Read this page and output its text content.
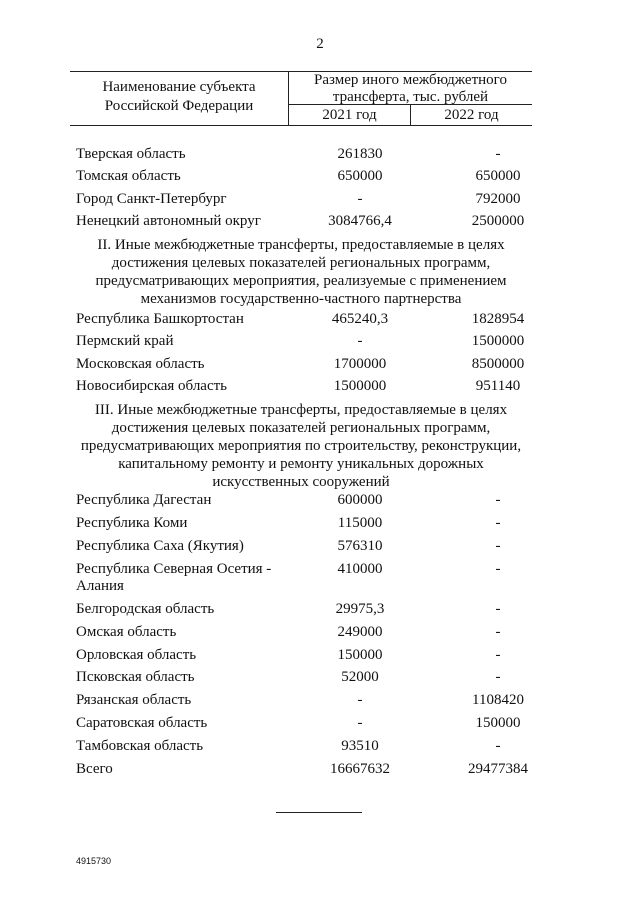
2
Наименование субъекта
Российской Федерации
Размер иного межбюджетного
трансферта, тыс. рублей
2021 год	2022 год
Тверская область	261830	-
Томская область	650000	650000
Город Санкт-Петербург	-	792000
Ненецкий автономный округ	3084766,4	2500000
II. Иные межбюджетные трансферты, предоставляемые в целях
достижения целевых показателей региональных программ,
предусматривающих мероприятия, реализуемые с применением
механизмов государственно-частного партнерства
Республика Башкортостан	465240,3	1828954
Пермский край	-	1500000
Московская область	1700000	8500000
Новосибирская область	1500000	951140
III. Иные межбюджетные трансферты, предоставляемые в целях
достижения целевых показателей региональных программ,
предусматривающих мероприятия по строительству, реконструкции,
капитальному ремонту и ремонту уникальных дорожных
искусственных сооружений
Республика Дагестан	600000	-
Республика Коми	115000	-
Республика Саха (Якутия)	576310	-
Республика Северная Осетия -
Алания
410000	-
Белгородская область	29975,3	-
Омская область	249000	-
Орловская область	150000	-
Псковская область	52000	-
Рязанская область	-	1108420
Саратовская область	-	150000
Тамбовская область	93510	-
Всего	16667632	29477384
4915730
